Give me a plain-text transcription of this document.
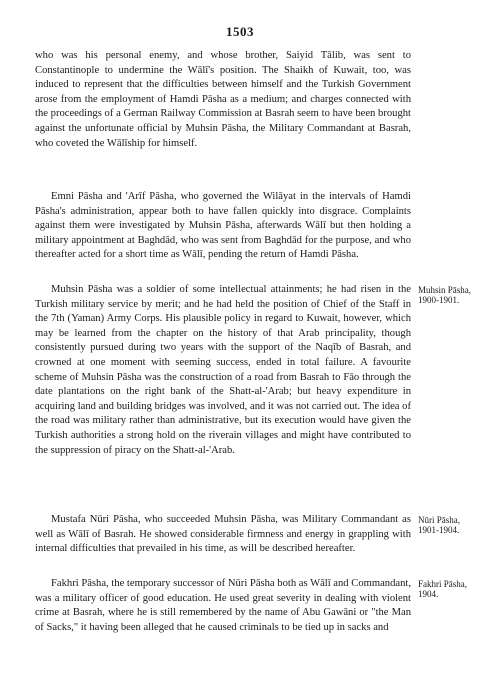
1503

who was his personal enemy, and whose brother, Saiyid Tālib, was sent to Constantinople to undermine the Wālī's position. The Shaikh of Kuwait, too, was induced to represent that the difficulties between himself and the Turkish Government arose from the employment of Hamdi Pāsha as a medium; and charges connected with the proceedings of a German Railway Commission at Basrah seem to have been brought against the unfortunate official by Muhsin Pāsha, the Military Commandant at Basrah, who coveted the Wālīship for himself.

Emni Pāsha and 'Arīf Pāsha, who governed the Wilāyat in the intervals of Hamdi Pāsha's administration, appear both to have fallen quickly into disgrace. Complaints against them were investigated by Muhsin Pāsha, afterwards Wālī but then holding a military appointment at Baghdād, who was sent from Baghdād for the purpose, and who thereafter acted for a short time as Wālī, pending the return of Hamdi Pāsha.

Muhsin Pāsha was a soldier of some intellectual attainments; he had risen in the Turkish military service by merit; and he had held the position of Chief of the Staff in the 7th (Yaman) Army Corps. His plausible policy in regard to Kuwait, however, which may be learned from the chapter on the history of that Arab principality, though consistently pursued during two years with the support of the Naqīb of Basrah, and crowned at one moment with seeming success, ended in total failure. A favourite scheme of Muhsin Pāsha was the construction of a road from Basrah to Fāo through the date plantations on the right bank of the Shatt-al-'Arab; but heavy expenditure in acquiring land and building bridges was involved, and it was not carried out. The idea of the road was military rather than administrative, but its execution would have given the Turkish authorities a strong hold on the riverain villages and might have contributed to the suppression of piracy on the Shatt-al-'Arab.

Mustafa Nūri Pāsha, who succeeded Muhsin Pāsha, was Military Commandant as well as Wālī of Basrah. He showed considerable firmness and energy in grappling with internal difficulties that prevailed in his time, as will be described hereafter.

Fakhri Pāsha, the temporary successor of Nūri Pāsha both as Wālī and Commandant, was a military officer of good education. He used great severity in dealing with violent crime at Basrah, where he is still remembered by the name of Abu Gawāni or "the Man of Sacks," it having been alleged that he caused criminals to be tied up in sacks and

Muhsin Pāsha, 1900-1901.
Nūri Pāsha, 1901-1904.
Fakhri Pāsha, 1904.
